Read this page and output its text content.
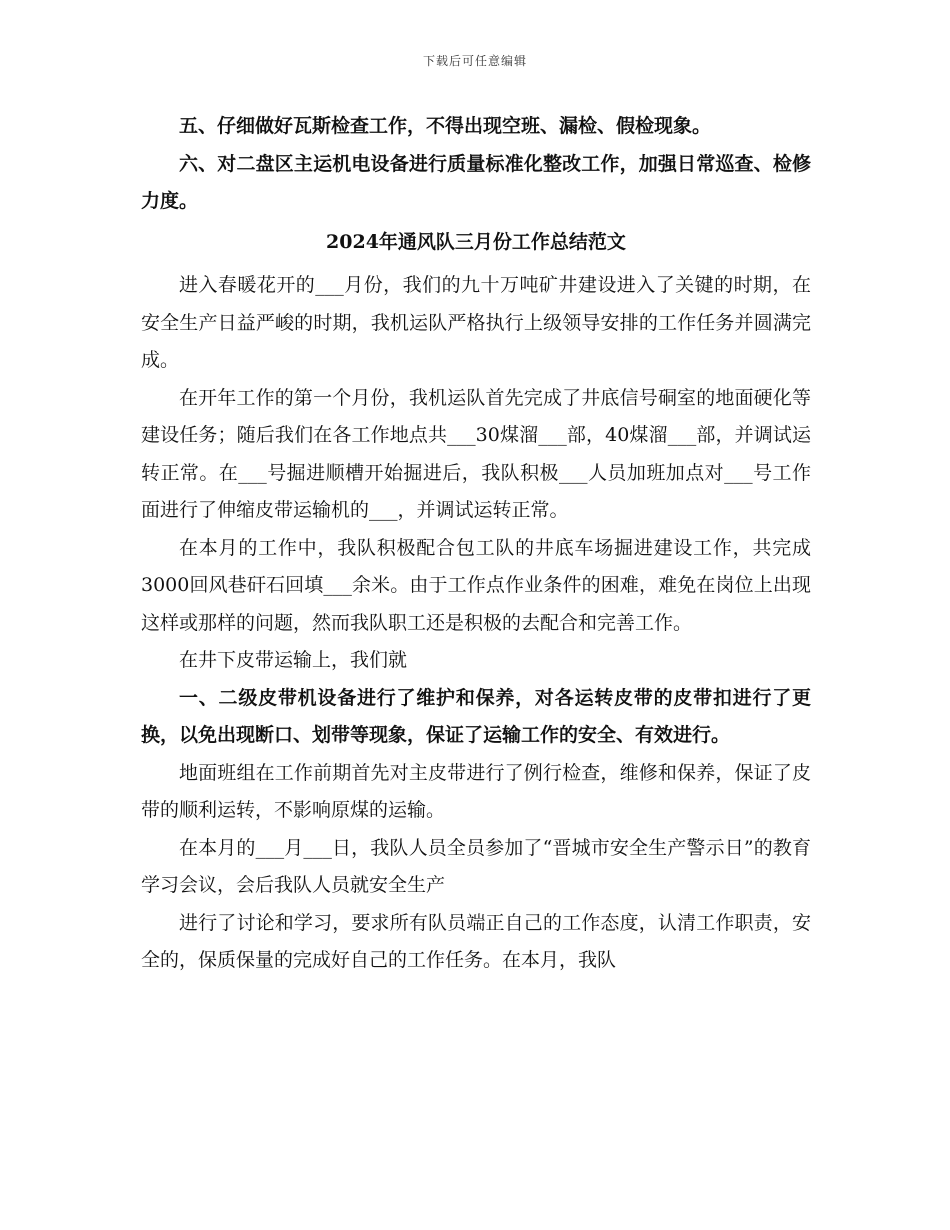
下载后可任意编辑

五、仔细做好瓦斯检查工作，不得出现空班、漏检、假检现象。

六、对二盘区主运机电设备进行质量标准化整改工作，加强日常巡查、检修力度。

2024年通风队三月份工作总结范文

进入春暖花开的___月份，我们的九十万吨矿井建设进入了关键的时期，在安全生产日益严峻的时期，我机运队严格执行上级领导安排的工作任务并圆满完成。

在开年工作的第一个月份，我机运队首先完成了井底信号硐室的地面硬化等建设任务；随后我们在各工作地点共___30煤溜___部，40煤溜___部，并调试运转正常。在___号掘进顺槽开始掘进后，我队积极___人员加班加点对___号工作面进行了伸缩皮带运输机的___，并调试运转正常。

在本月的工作中，我队积极配合包工队的井底车场掘进建设工作，共完成3000回风巷矸石回填___余米。由于工作点作业条件的困难，难免在岗位上出现这样或那样的问题，然而我队职工还是积极的去配合和完善工作。

在井下皮带运输上，我们就

一、二级皮带机设备进行了维护和保养，对各运转皮带的皮带扣进行了更换，以免出现断口、划带等现象，保证了运输工作的安全、有效进行。

地面班组在工作前期首先对主皮带进行了例行检查，维修和保养，保证了皮带的顺利运转，不影响原煤的运输。

在本月的___月___日，我队人员全员参加了“晋城市安全生产警示日”的教育学习会议，会后我队人员就安全生产

进行了讨论和学习，要求所有队员端正自己的工作态度，认清工作职责，安全的，保质保量的完成好自己的工作任务。在本月，我队
